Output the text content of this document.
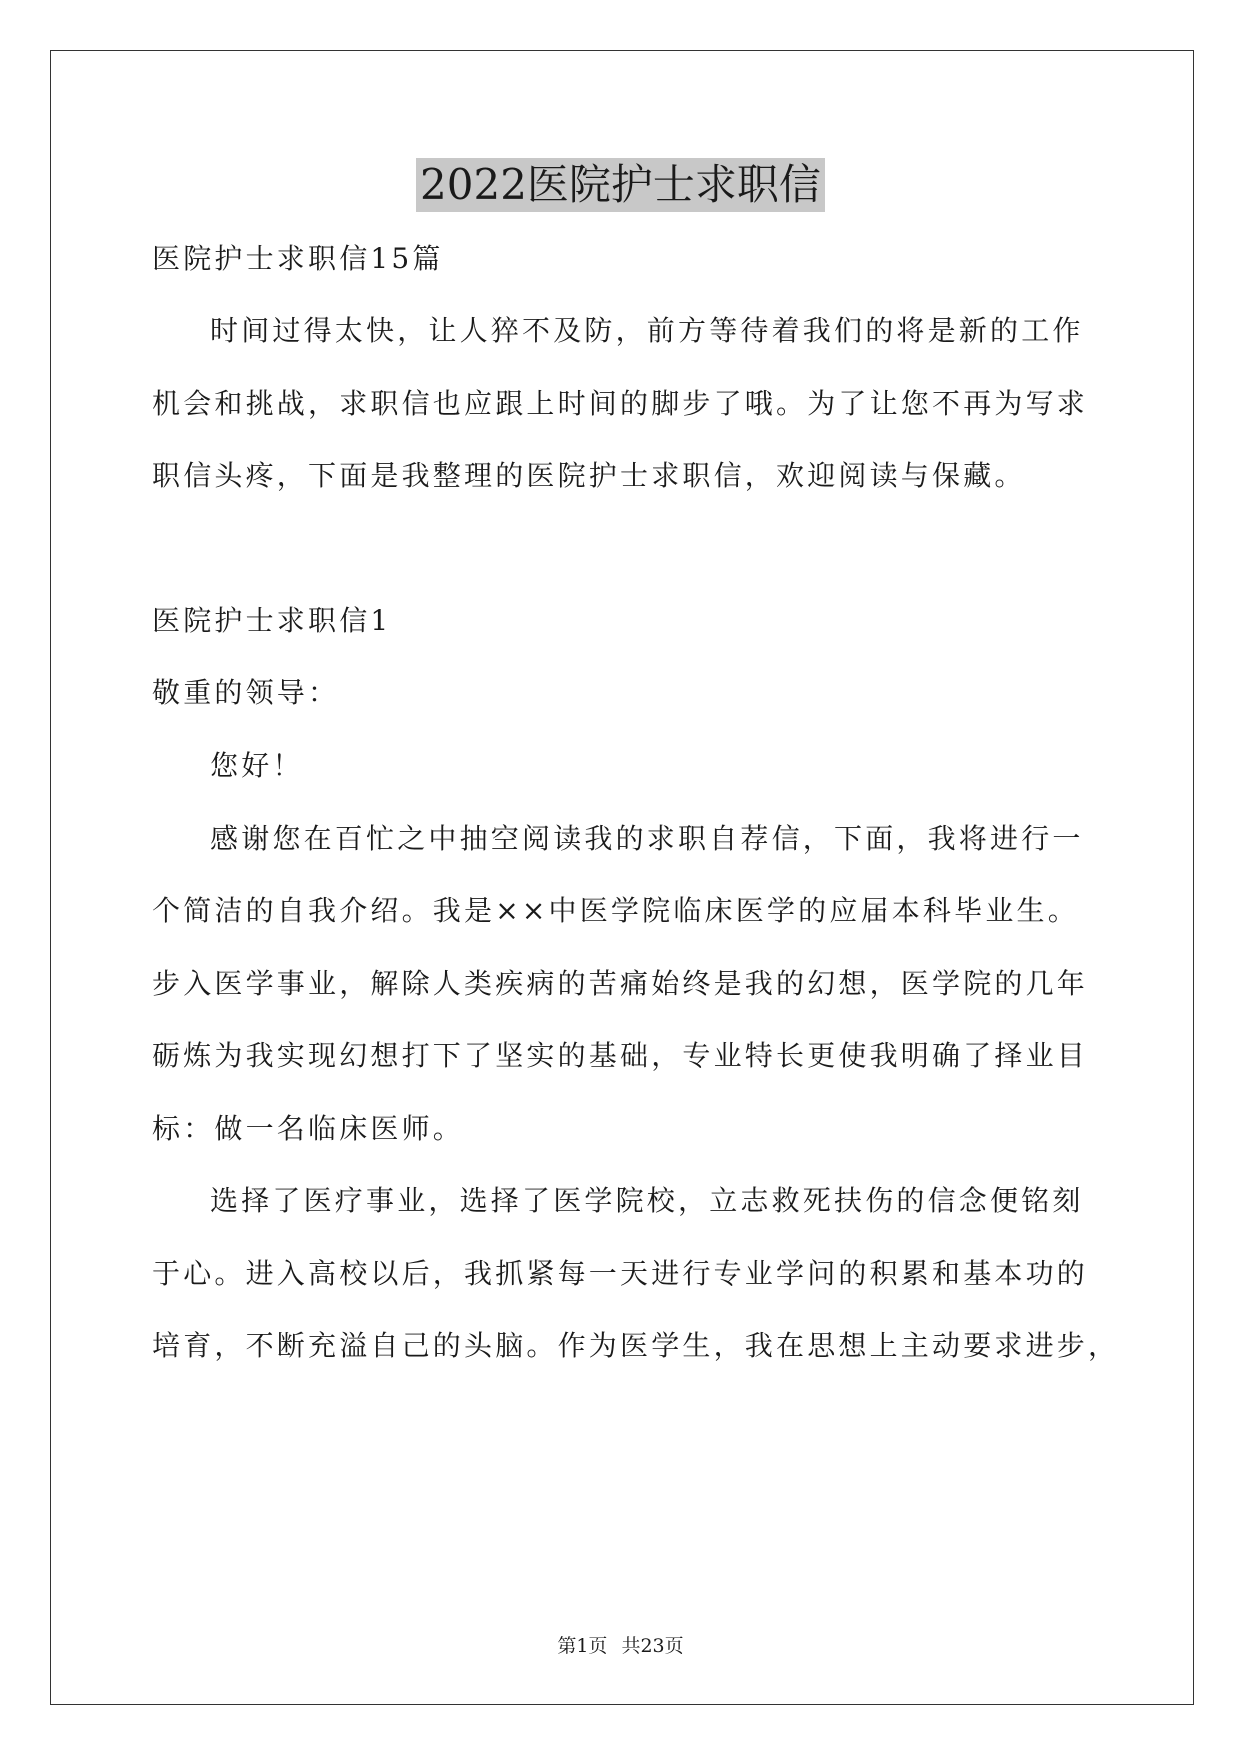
2022医院护士求职信

医院护士求职信15篇

时间过得太快，让人猝不及防，前方等待着我们的将是新的工作

机会和挑战，求职信也应跟上时间的脚步了哦。为了让您不再为写求

职信头疼，下面是我整理的医院护士求职信，欢迎阅读与保藏。

医院护士求职信1

敬重的领导：

您好！

感谢您在百忙之中抽空阅读我的求职自荐信，下面，我将进行一

个简洁的自我介绍。我是××中医学院临床医学的应届本科毕业生。

步入医学事业，解除人类疾病的苦痛始终是我的幻想，医学院的几年

砺炼为我实现幻想打下了坚实的基础，专业特长更使我明确了择业目

标：做一名临床医师。

选择了医疗事业，选择了医学院校，立志救死扶伤的信念便铭刻

于心。进入高校以后，我抓紧每一天进行专业学问的积累和基本功的

培育，不断充溢自己的头脑。作为医学生，我在思想上主动要求进步，

第1页 共23页
